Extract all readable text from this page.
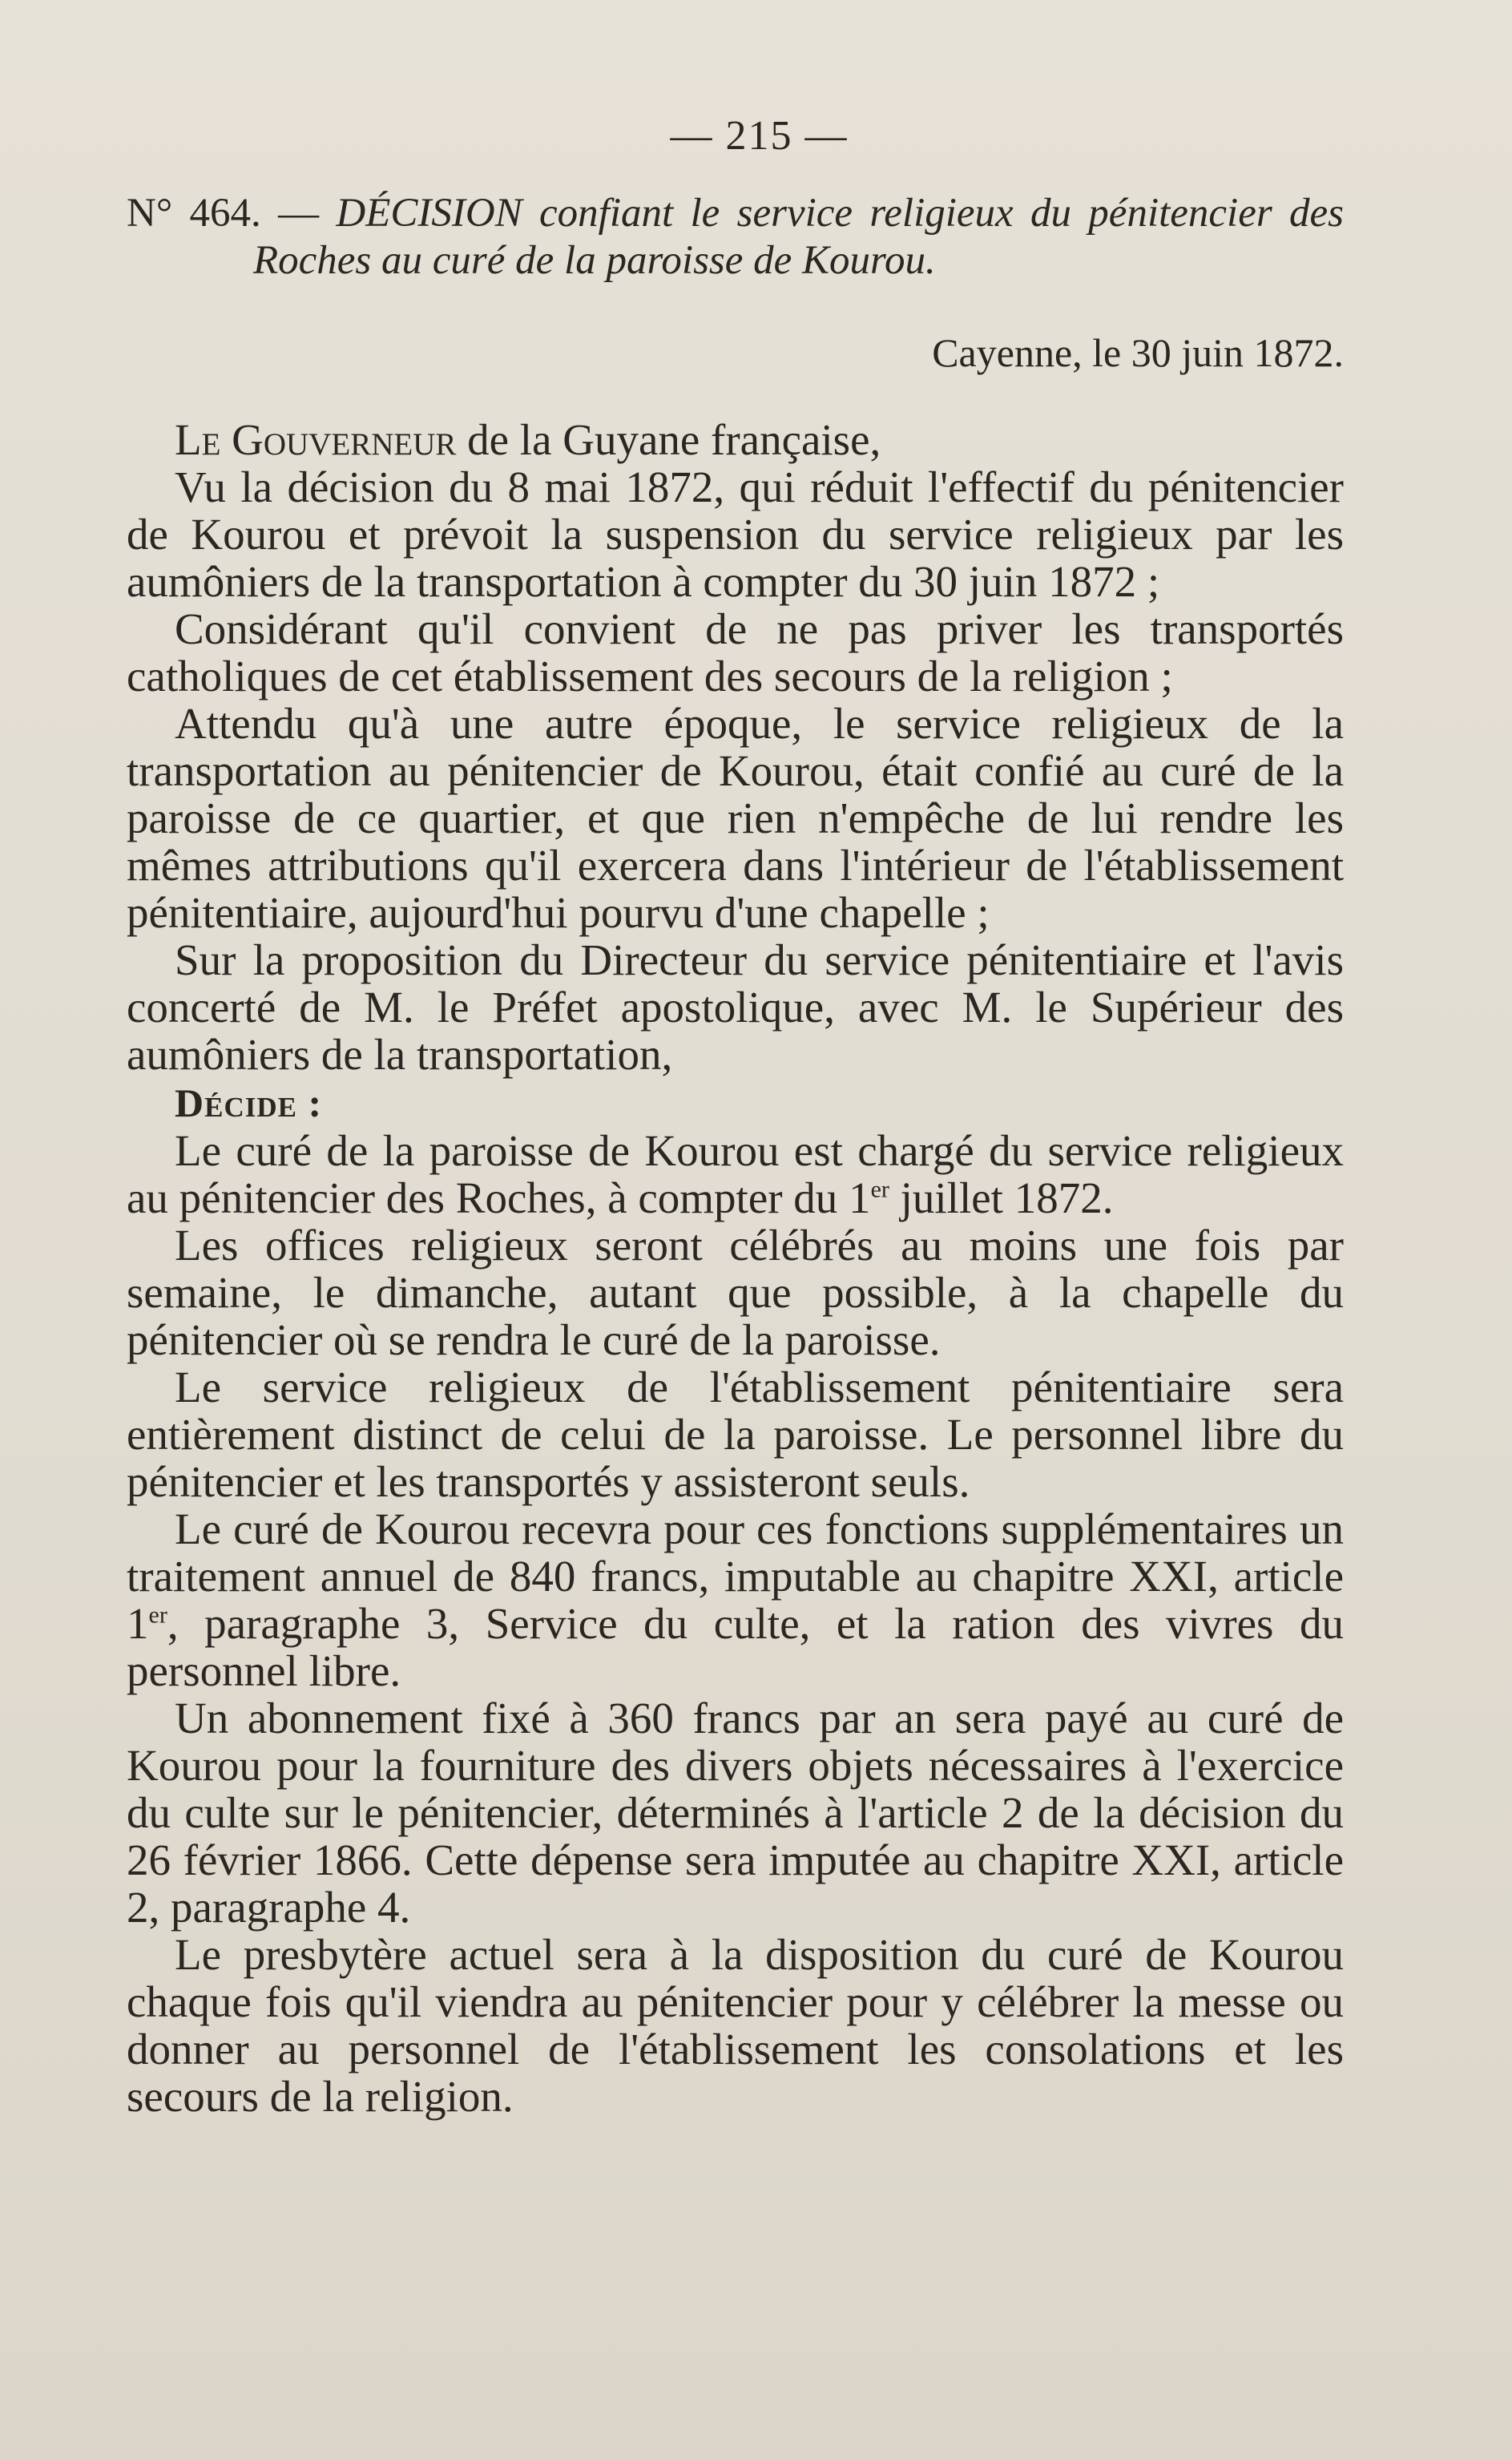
— 215 —

N° 464. — DÉCISION confiant le service religieux du pénitencier des Roches au curé de la paroisse de Kourou.

Cayenne, le 30 juin 1872.

Le Gouverneur de la Guyane française,

Vu la décision du 8 mai 1872, qui réduit l'effectif du pénitencier de Kourou et prévoit la suspension du service religieux par les aumôniers de la transportation à compter du 30 juin 1872 ;

Considérant qu'il convient de ne pas priver les transportés catholiques de cet établissement des secours de la religion ;

Attendu qu'à une autre époque, le service religieux de la transportation au pénitencier de Kourou, était confié au curé de la paroisse de ce quartier, et que rien n'empêche de lui rendre les mêmes attributions qu'il exercera dans l'intérieur de l'établissement pénitentiaire, aujourd'hui pourvu d'une chapelle ;

Sur la proposition du Directeur du service pénitentiaire et l'avis concerté de M. le Préfet apostolique, avec M. le Supérieur des aumôniers de la transportation,

Décide :

Le curé de la paroisse de Kourou est chargé du service religieux au pénitencier des Roches, à compter du 1er juillet 1872.

Les offices religieux seront célébrés au moins une fois par semaine, le dimanche, autant que possible, à la chapelle du pénitencier où se rendra le curé de la paroisse.

Le service religieux de l'établissement pénitentiaire sera entièrement distinct de celui de la paroisse. Le personnel libre du pénitencier et les transportés y assisteront seuls.

Le curé de Kourou recevra pour ces fonctions supplémentaires un traitement annuel de 840 francs, imputable au chapitre XXI, article 1er, paragraphe 3, Service du culte, et la ration des vivres du personnel libre.

Un abonnement fixé à 360 francs par an sera payé au curé de Kourou pour la fourniture des divers objets nécessaires à l'exercice du culte sur le pénitencier, déterminés à l'article 2 de la décision du 26 février 1866. Cette dépense sera imputée au chapitre XXI, article 2, paragraphe 4.

Le presbytère actuel sera à la disposition du curé de Kourou chaque fois qu'il viendra au pénitencier pour y célébrer la messe ou donner au personnel de l'établissement les consolations et les secours de la religion.
